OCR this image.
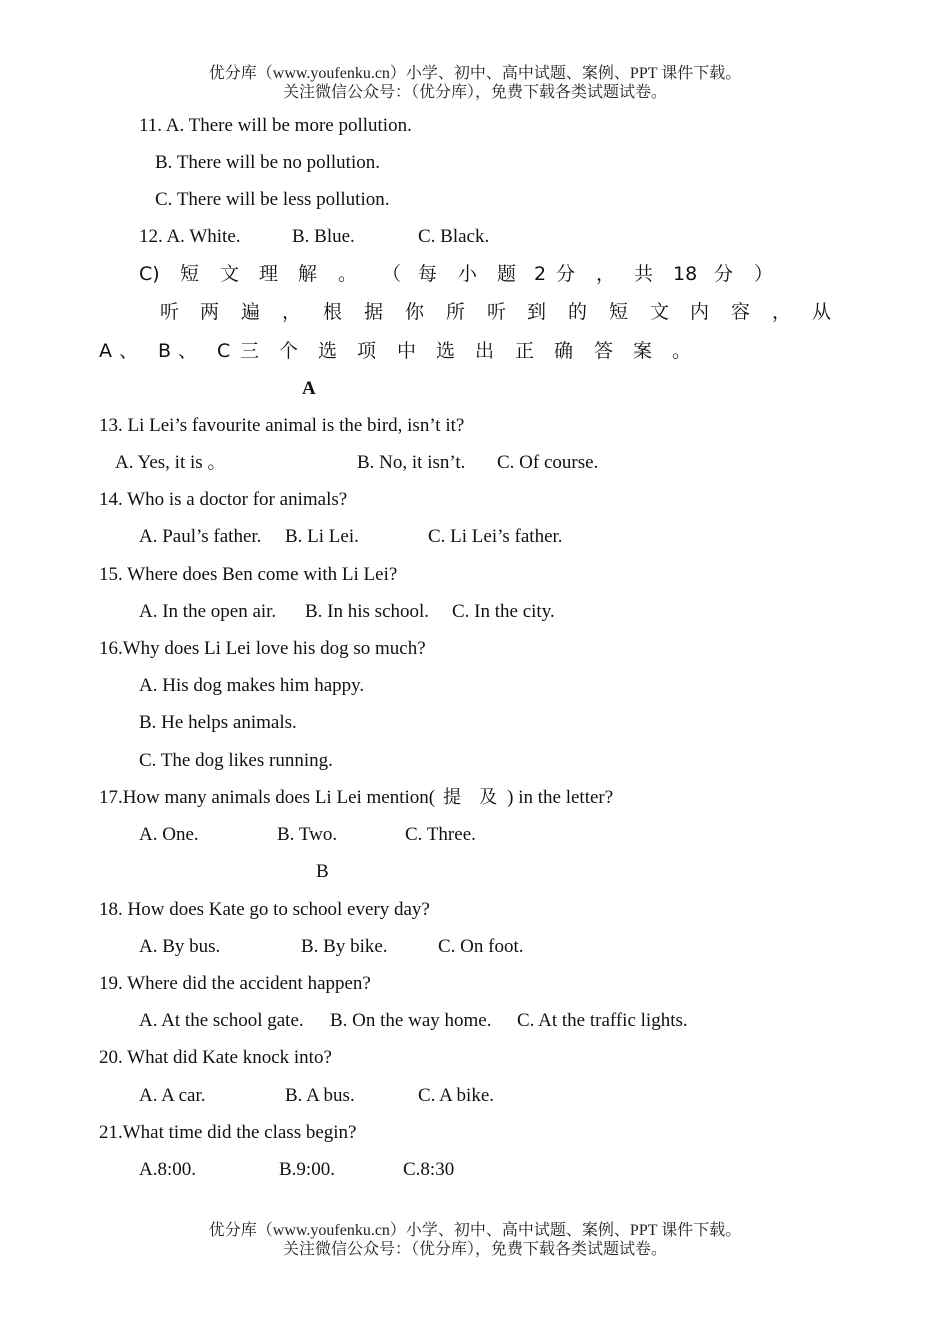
优分库（www.youfenku.cn）小学、初中、高中试题、案例、PPT 课件下载。
关注微信公众号：（优分库），免费下载各类试题试卷。
11. A. There will be more pollution.
B. There will be no pollution.
C. There will be less pollution.
12. A. White.	B. Blue.	C. Black.
C) 短 文 理 解 。 （ 每 小 题 2 分 ， 共 18 分 ）
听 两 遍 ， 根 据 你 所 听 到 的 短 文 内 容 ， 从
A 、 B 、 C 三 个 选 项 中 选 出 正 确 答 案 。
A
13. Li Lei’s favourite animal is the bird, isn’t it?
A. Yes, it is 。	B. No, it isn’t. C. Of course.
14. Who is a doctor for animals?
A. Paul’s father. B. Li Lei.	C. Li Lei’s father.
15. Where does Ben come with Li Lei?
A. In the open air. B. In his school. C. In the city.
16.Why does Li Lei love his dog so much?
A. His dog makes him happy.
B. He helps animals.
C. The dog likes running.
17.How many animals does Li Lei mention( 提　及 ) in the letter?
A. One.	B. Two.	C. Three.
B
18. How does Kate go to school every day?
A. By bus.	B. By bike.	C. On foot.
19. Where did the accident happen?
A. At the school gate. B. On the way home. C. At the traffic lights.
20. What did Kate knock into?
A. A car.	B. A bus.	C. A bike.
21.What time did the class begin?
A.8:00.	B.9:00.	C.8:30
优分库（www.youfenku.cn）小学、初中、高中试题、案例、PPT 课件下载。
关注微信公众号：（优分库），免费下载各类试题试卷。
